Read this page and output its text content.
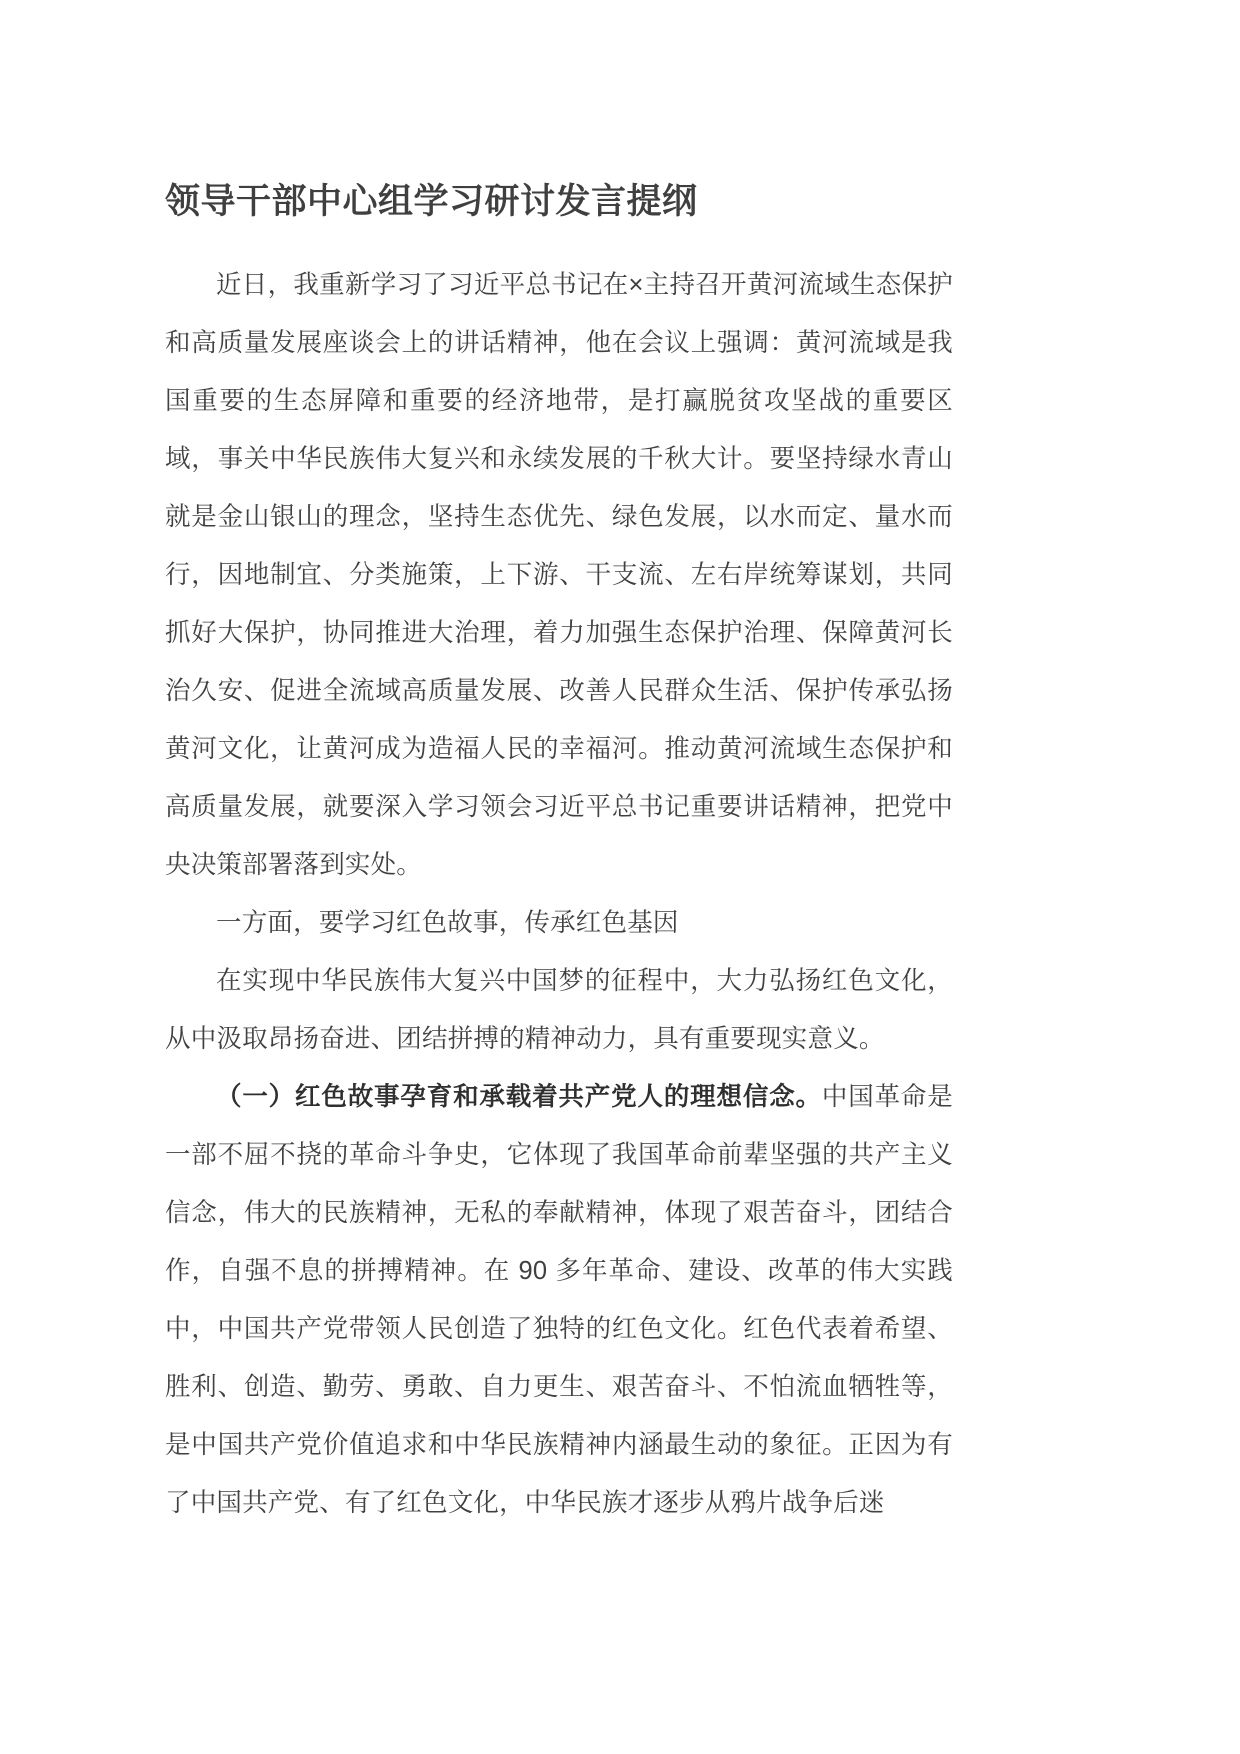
领导干部中心组学习研讨发言提纲

近日，我重新学习了习近平总书记在×主持召开黄河流域生态保护和高质量发展座谈会上的讲话精神，他在会议上强调：黄河流域是我国重要的生态屏障和重要的经济地带，是打赢脱贫攻坚战的重要区域，事关中华民族伟大复兴和永续发展的千秋大计。要坚持绿水青山就是金山银山的理念，坚持生态优先、绿色发展，以水而定、量水而行，因地制宜、分类施策，上下游、干支流、左右岸统筹谋划，共同抓好大保护，协同推进大治理，着力加强生态保护治理、保障黄河长治久安、促进全流域高质量发展、改善人民群众生活、保护传承弘扬黄河文化，让黄河成为造福人民的幸福河。推动黄河流域生态保护和高质量发展，就要深入学习领会习近平总书记重要讲话精神，把党中央决策部署落到实处。

一方面，要学习红色故事，传承红色基因

在实现中华民族伟大复兴中国梦的征程中，大力弘扬红色文化，从中汲取昂扬奋进、团结拼搏的精神动力，具有重要现实意义。

（一）红色故事孕育和承载着共产党人的理想信念。中国革命是一部不屈不挠的革命斗争史，它体现了我国革命前辈坚强的共产主义信念，伟大的民族精神，无私的奉献精神，体现了艰苦奋斗，团结合作，自强不息的拼搏精神。在 90 多年革命、建设、改革的伟大实践中，中国共产党带领人民创造了独特的红色文化。红色代表着希望、胜利、创造、勤劳、勇敢、自力更生、艰苦奋斗、不怕流血牺牲等，是中国共产党价值追求和中华民族精神内涵最生动的象征。正因为有了中国共产党、有了红色文化，中华民族才逐步从鸦片战争后迷
